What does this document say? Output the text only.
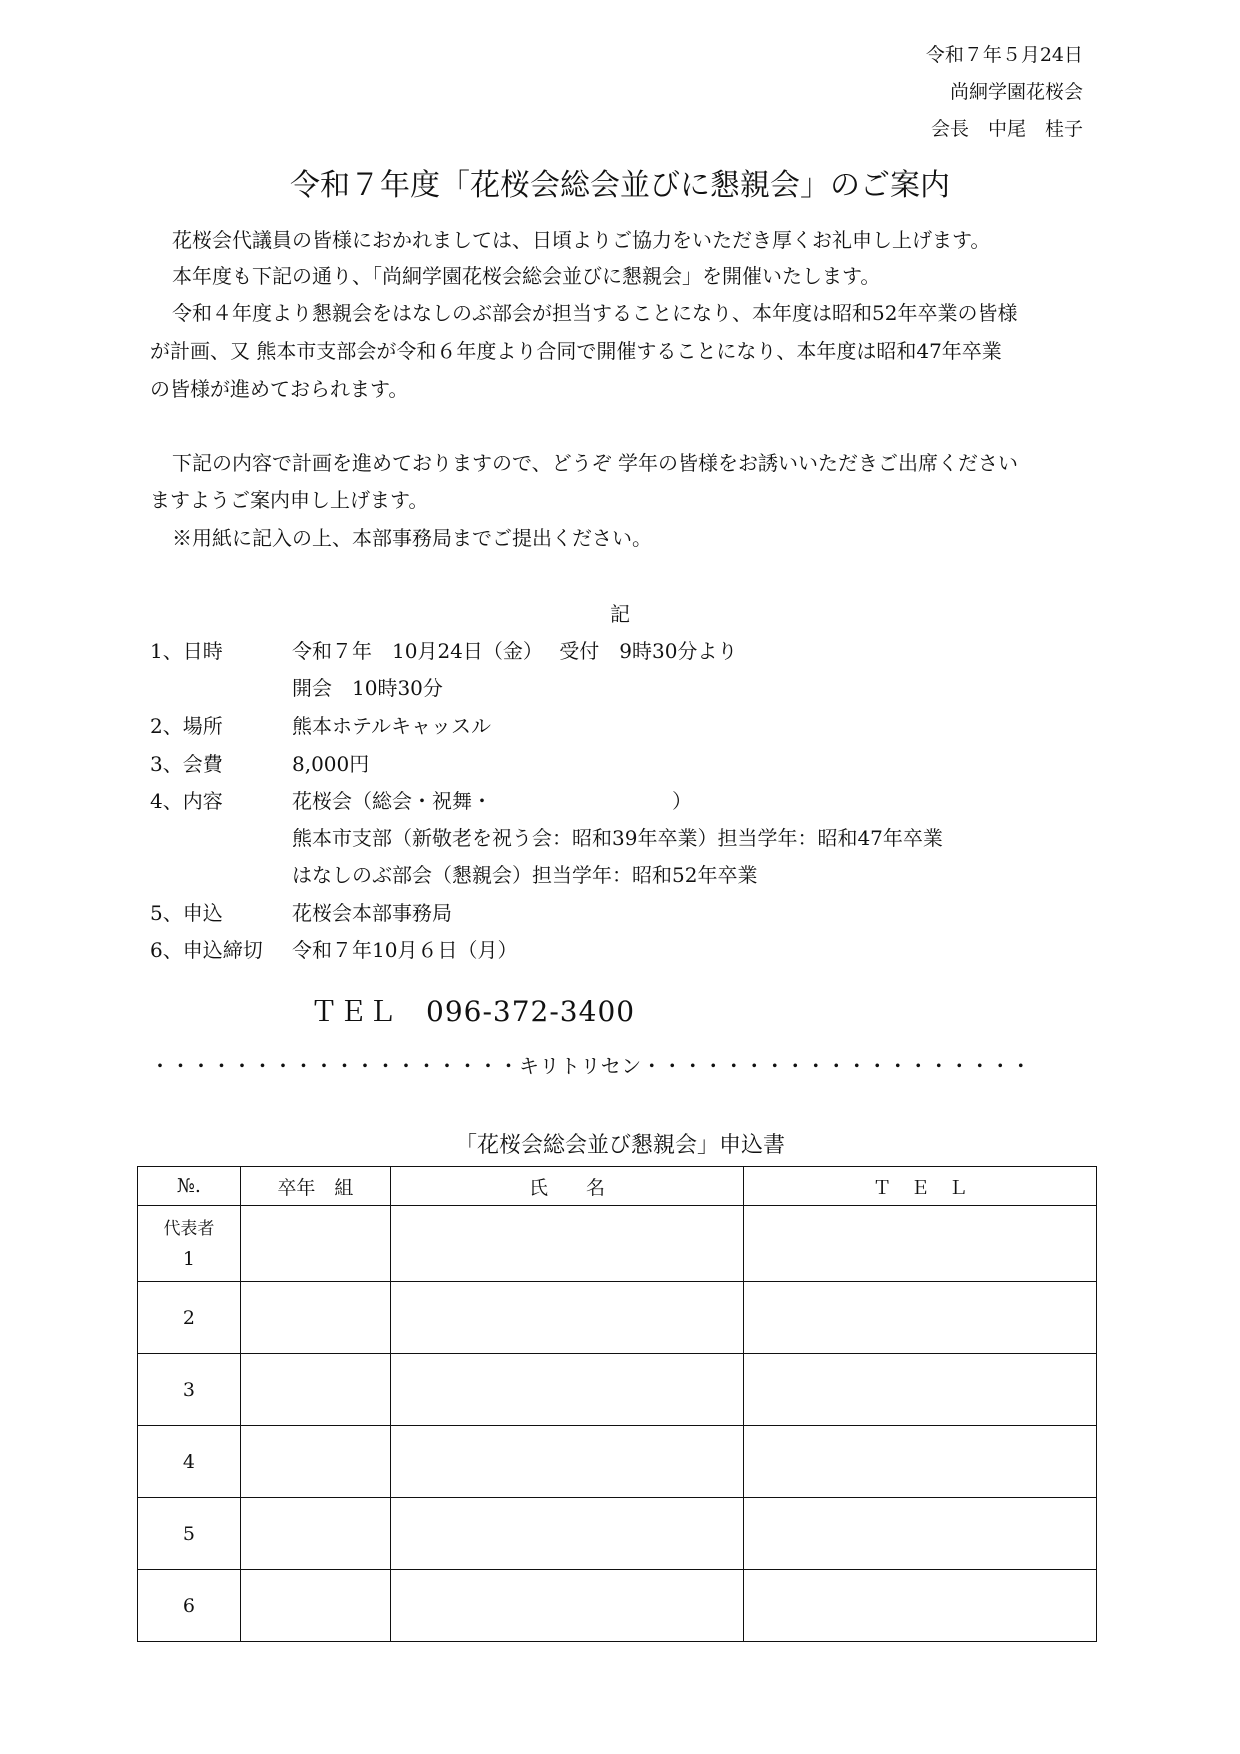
令和７年５月24日
尚絅学園花桜会
会長　中尾　桂子
令和７年度「花桜会総会並びに懇親会」のご案内
花桜会代議員の皆様におかれましては、日頃よりご協力をいただき厚くお礼申し上げます。
本年度も下記の通り、「尚絅学園花桜会総会並びに懇親会」を開催いたします。
令和４年度より懇親会をはなしのぶ部会が担当することになり、本年度は昭和52年卒業の皆様
が計画、又 熊本市支部会が令和６年度より合同で開催することになり、本年度は昭和47年卒業
の皆様が進めておられます。
下記の内容で計画を進めておりますので、どうぞ 学年の皆様をお誘いいただきご出席ください
ますようご案内申し上げます。
※用紙に記入の上、本部事務局までご提出ください。
記
1、日時	令和７年　10月24日（金）　 受付　9時30分より
開会　10時30分
2、場所	熊本ホテルキャッスル
3、会費	8,000円
4、内容	花桜会（総会・祝舞・　　　　　　　　　）
熊本市支部（新敬老を祝う会：昭和39年卒業）担当学年：昭和47年卒業
はなしのぶ部会（懇親会）担当学年：昭和52年卒業
5、申込	花桜会本部事務局
6、申込締切 令和７年10月６日（月）
ＴＥＬ　096-372-3400
・・・・・・・・・・・・・・・・・・キリトリセン・・・・・・・・・・・・・・・・・・・
「花桜会総会並び懇親会」申込書
№.	卒年　組	氏　　名	Ｔ　Ｅ　Ｌ

代表者
1			

2			
3			
4			
5			
6			
